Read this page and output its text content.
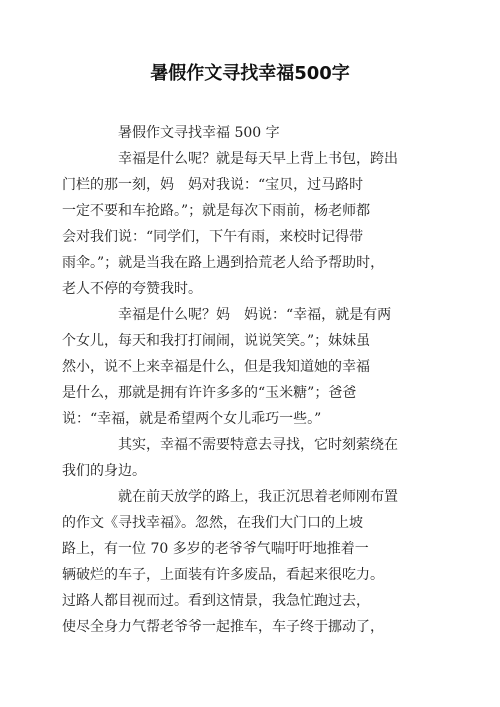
暑假作文寻找幸福500字
暑假作文寻找幸福 500 字
幸福是什么呢？就是每天早上背上书包，跨出
门栏的那一刻，妈　妈对我说：“宝贝，过马路时
一定不要和车抢路。”；就是每次下雨前，杨老师都
会对我们说：“同学们，下午有雨，来校时记得带
雨伞。”；就是当我在路上遇到拾荒老人给予帮助时，
老人不停的夸赞我时。
幸福是什么呢？妈　妈说：“幸福，就是有两
个女儿，每天和我打打闹闹，说说笑笑。”；妹妹虽
然小，说不上来幸福是什么，但是我知道她的幸福
是什么，那就是拥有许许多多的“玉米糖”；爸爸
说：“幸福，就是希望两个女儿乖巧一些。”
其实，幸福不需要特意去寻找，它时刻萦绕在
我们的身边。
就在前天放学的路上，我正沉思着老师刚布置
的作文《寻找幸福》。忽然，在我们大门口的上坡
路上，有一位 70 多岁的老爷爷气喘吁吁地推着一
辆破烂的车子，上面装有许多废品，看起来很吃力。
过路人都目视而过。看到这情景，我急忙跑过去，
使尽全身力气帮老爷爷一起推车，车子终于挪动了，
